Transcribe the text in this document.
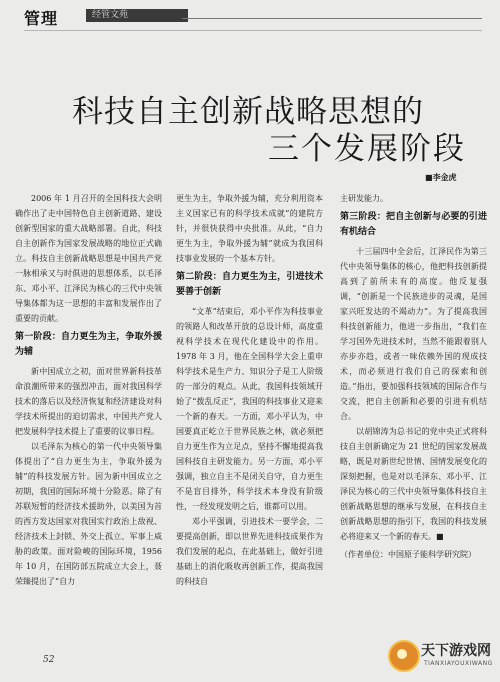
管理	经管文苑
科技自主创新战略思想的
三个发展阶段
■李金虎

2006 年 1 月召开的全国科技大会明确作出了走中国特色自主创新道路、建设创新型国家的重大战略部署。自此，科技自主创新作为国家发展战略的地位正式确立。科技自主创新战略思想是中国共产党一脉相承又与时俱进的思想体系，以毛泽东、邓小平、江泽民为核心的三代中央领导集体都为这一思想的丰富和发展作出了重要的贡献。

第一阶段：自力更生为主，争取外援为辅

新中国成立之初，面对世界新科技革命浪潮所带来的强烈冲击，面对我国科学技术的落后以及经济恢复和经济建设对科学技术所提出的迫切需求，中国共产党人把发展科学技术提上了重要的议事日程。

以毛泽东为核心的第一代中央领导集体提出了“自力更生为主，争取外援为辅”的科技发展方针。因为新中国成立之初期，我国的国际环境十分险恶。除了有苏联短暂的经济技术援助外，以美国为首的西方发达国家对我国实行政治上敌视、经济技术上封锁、外交上孤立、军事上威胁的政策。面对险峻的国际环境，1956 年 10 月，在国防部五院成立大会上，聂荣臻提出了“自力

更生为主，争取外援为辅，充分利用资本主义国家已有的科学技术成就”的建院方针，并很快获得中央批准。从此，“自力更生为主，争取外援为辅”就成为我国科技事业发展的一个基本方针。

第二阶段：自力更生为主，引进技术要善于创新

“文革”结束后，邓小平作为科技事业的领路人和改革开放的总设计师，高度重视科学技术在现代化建设中的作用。1978 年 3 月，他在全国科学大会上重申科学技术是生产力、知识分子是工人阶级的一部分的观点。从此，我国科技领域开始了“拨乱反正”，我国的科技事业又迎来一个新的春天。一方面，邓小平认为，中国要真正屹立于世界民族之林，就必须把自力更生作为立足点，坚持不懈地提高我国科技自主研发能力。另一方面，邓小平强调，独立自主不是闭关自守，自力更生不是盲目排外，科学技术本身没有阶级性，一经发现发明之后，谁都可以用。

邓小平强调，引进技术一要学会，二要提高创新，即以世界先进科技成果作为我们发展的起点，在此基础上，做好引进基础上的消化吸收再创新工作，提高我国的科技自

主研发能力。

第三阶段：把自主创新与必要的引进有机结合

十三届四中全会后，江泽民作为第三代中央领导集体的核心，他把科技创新提高到了前所未有的高度。他反复强调，“创新是一个民族进步的灵魂，是国家兴旺发达的不竭动力”。为了提高我国科技创新能力，他进一步指出，“我们在学习国外先进技术时，当然不能跟着别人亦步亦趋，或者一味依赖外国的现成技术，而必须进行我们自己的探索和创造。”指出，要加强科技领域的国际合作与交流，把自主创新和必要的引进有机结合。

以胡锦涛为总书记的党中央正式将科技自主创新确定为 21 世纪的国家发展战略，既是对新世纪世情、国情发展变化的深刻把握，也是对以毛泽东、邓小平、江泽民为核心的三代中央领导集体科技自主创新战略思想的继承与发展，在科技自主创新战略思想的指引下，我国的科技发展必将迎来又一个新的春天。■

（作者单位：中国原子能科学研究院）

52
天下游戏网
TIANXIAYOUXIWANG
